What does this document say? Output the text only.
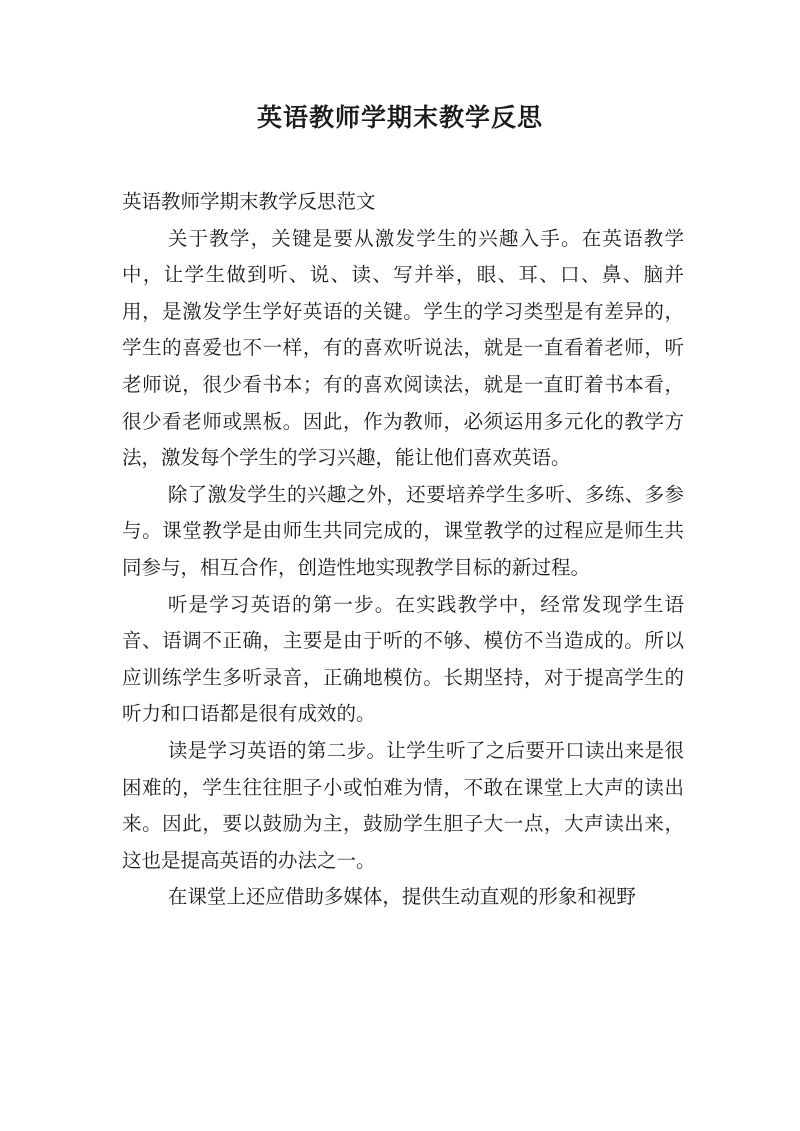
英语教师学期末教学反思

英语教师学期末教学反思范文

关于教学，关键是要从激发学生的兴趣入手。在英语教学中，让学生做到听、说、读、写并举，眼、耳、口、鼻、脑并用，是激发学生学好英语的关键。学生的学习类型是有差异的，学生的喜爱也不一样，有的喜欢听说法，就是一直看着老师，听老师说，很少看书本；有的喜欢阅读法，就是一直盯着书本看，很少看老师或黑板。因此，作为教师，必须运用多元化的教学方法，激发每个学生的学习兴趣，能让他们喜欢英语。

除了激发学生的兴趣之外，还要培养学生多听、多练、多参与。课堂教学是由师生共同完成的，课堂教学的过程应是师生共同参与，相互合作，创造性地实现教学目标的新过程。

听是学习英语的第一步。在实践教学中，经常发现学生语音、语调不正确，主要是由于听的不够、模仿不当造成的。所以应训练学生多听录音，正确地模仿。长期坚持，对于提高学生的听力和口语都是很有成效的。

读是学习英语的第二步。让学生听了之后要开口读出来是很困难的，学生往往胆子小或怕难为情，不敢在课堂上大声的读出来。因此，要以鼓励为主，鼓励学生胆子大一点，大声读出来，这也是提高英语的办法之一。

在课堂上还应借助多媒体，提供生动直观的形象和视野
